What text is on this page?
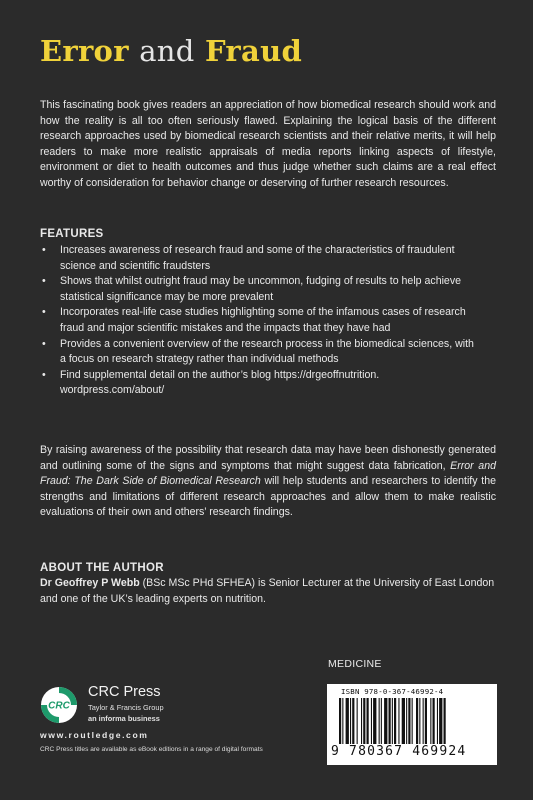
Error and Fraud

This fascinating book gives readers an appreciation of how biomedical research should work and how the reality is all too often seriously flawed. Explaining the logical basis of the different research approaches used by biomedical research scientists and their relative merits, it will help readers to make more realistic appraisals of media reports linking aspects of lifestyle, environment or diet to health outcomes and thus judge whether such claims are a real effect worthy of consideration for behavior change or deserving of further research resources.

FEATURES
• Increases awareness of research fraud and some of the characteristics of fraudulent science and scientific fraudsters
• Shows that whilst outright fraud may be uncommon, fudging of results to help achieve statistical significance may be more prevalent
• Incorporates real-life case studies highlighting some of the infamous cases of research fraud and major scientific mistakes and the impacts that they have had
• Provides a convenient overview of the research process in the biomedical sciences, with a focus on research strategy rather than individual methods
• Find supplemental detail on the author’s blog https://drgeoffnutrition. wordpress.com/about/

By raising awareness of the possibility that research data may have been dishonestly generated and outlining some of the signs and symptoms that might suggest data fabrication, Error and Fraud: The Dark Side of Biomedical Research will help students and researchers to identify the strengths and limitations of different research approaches and allow them to make realistic evaluations of their own and others’ research findings.

ABOUT THE AUTHOR

Dr Geoffrey P Webb (BSc MSc PHd SFHEA) is Senior Lecturer at the University of East London and one of the UK’s leading experts on nutrition.

MEDICINE
CRC
CRC Press
Taylor & Francis Group
an informa business
www.routledge.com
CRC Press titles are available as eBook editions in a range of digital formats
ISBN 978-0-367-46992-4
9 780367 469924
